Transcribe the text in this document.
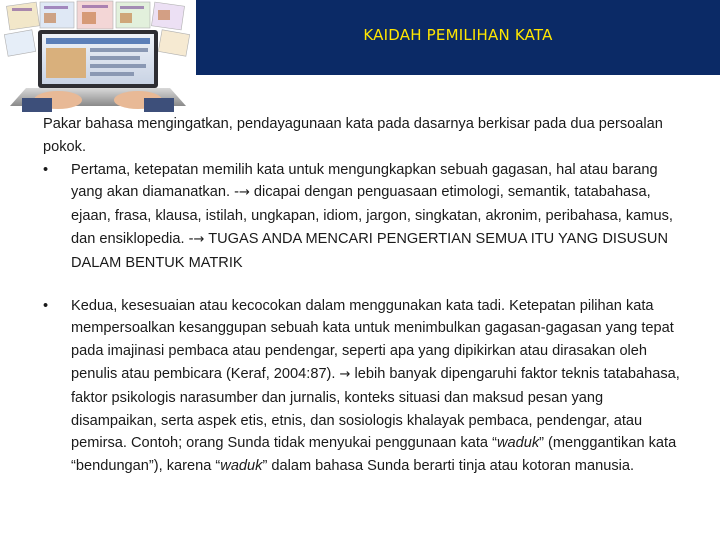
KAIDAH PEMILIHAN KATA

Pakar bahasa mengingatkan, pendayagunaan kata pada dasarnya berkisar pada dua persoalan pokok.

•	Pertama, ketepatan memilih kata untuk mengungkapkan sebuah gagasan, hal atau barang yang akan diamanatkan. -→ dicapai dengan penguasaan etimologi, semantik, tatabahasa, ejaan, frasa, klausa, istilah, ungkapan, idiom, jargon, singkatan, akronim, peribahasa, kamus, dan ensiklopedia. -→ TUGAS ANDA MENCARI PENGERTIAN SEMUA ITU YANG DISUSUN DALAM BENTUK MATRIK
•	Kedua, kesesuaian atau kecocokan dalam menggunakan kata tadi. Ketepatan pilihan kata mempersoalkan kesanggupan sebuah kata untuk menimbulkan gagasan-gagasan yang tepat pada imajinasi pembaca atau pendengar, seperti apa yang dipikirkan atau dirasakan oleh penulis atau pembicara (Keraf, 2004:87). → lebih banyak dipengaruhi faktor teknis tatabahasa, faktor psikologis narasumber dan jurnalis, konteks situasi dan maksud pesan yang disampaikan, serta aspek etis, etnis, dan sosiologis khalayak pembaca, pendengar, atau pemirsa. Contoh; orang Sunda tidak menyukai penggunaan kata “waduk” (menggantikan kata “bendungan”), karena “waduk” dalam bahasa Sunda berarti tinja atau kotoran manusia.
